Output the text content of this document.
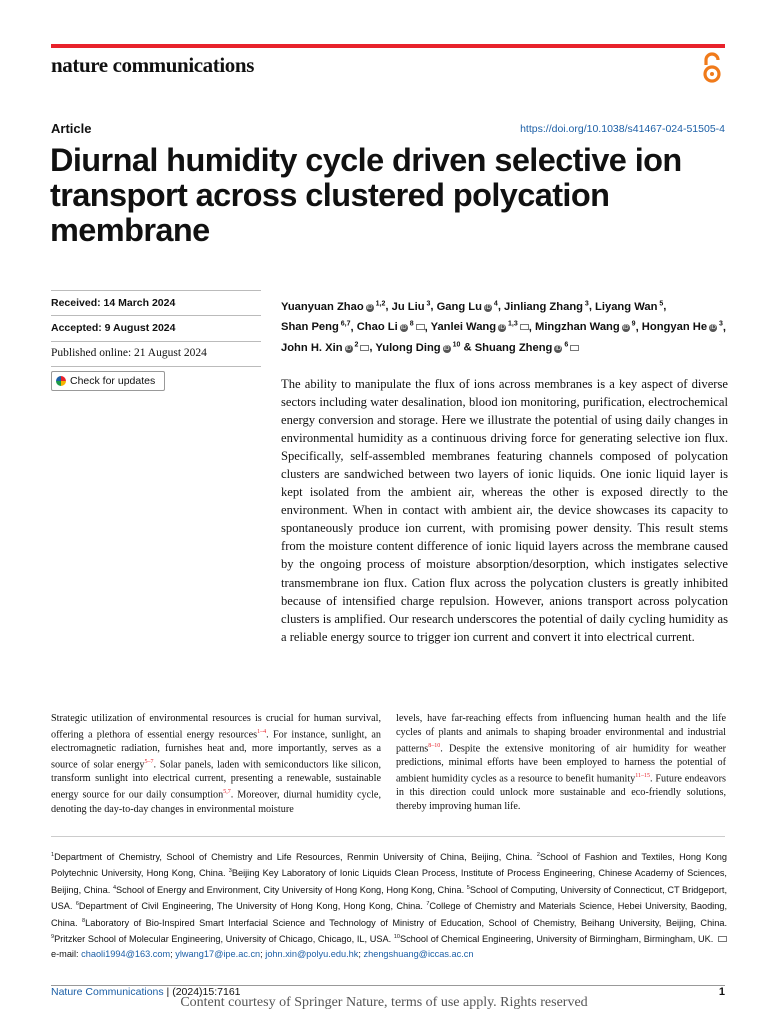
nature communications
Article	https://doi.org/10.1038/s41467-024-51505-4
Diurnal humidity cycle driven selective ion transport across clustered polycation membrane
Received: 14 March 2024
Accepted: 9 August 2024
Published online: 21 August 2024
Check for updates
Yuanyuan Zhao iD $^{1,2}$, Ju Liu $^3$, Gang Lu iD $^4$, Jinliang Zhang $^3$, Liyang Wan $^5$, Shan Peng $^{6,7}$, Chao Li iD $^8$ , Yanlei Wang iD $^{1,3}$ , Mingzhan Wang iD $^9$, Hongyan He iD $^3$, John H. Xin iD $^2$ , Yulong Ding iD $^{10}$ & Shuang Zheng iD $^6$

The ability to manipulate the flux of ions across membranes is a key aspect of diverse sectors including water desalination, blood ion monitoring, purification, electrochemical energy conversion and storage. Here we illustrate the potential of using daily changes in environmental humidity as a continuous driving force for generating selective ion flux. Specifically, self-assembled membranes featuring channels composed of polycation clusters are sandwiched between two layers of ionic liquids. One ionic liquid layer is kept isolated from the ambient air, whereas the other is exposed directly to the environment. When in contact with ambient air, the device showcases its capacity to spontaneously produce ion current, with promising power density. This result stems from the moisture content difference of ionic liquid layers across the membrane caused by the ongoing process of moisture absorption/desorption, which instigates selective transmembrane ion flux. Cation flux across the polycation clusters is greatly inhibited because of intensified charge repulsion. However, anions transport across polycation clusters is amplified. Our research underscores the potential of daily cycling humidity as a reliable energy source to trigger ion current and convert it into electrical current.

Strategic utilization of environmental resources is crucial for human survival, offering a plethora of essential energy resources$^{1-4}$. For instance, sunlight, an electromagnetic radiation, furnishes heat and, more importantly, serves as a source of solar energy$^{5-7}$. Solar panels, laden with semiconductors like silicon, transform sunlight into electrical current, presenting a renewable, sustainable energy source for our daily consumption$^{5,7}$. Moreover, diurnal humidity cycle, denoting the day-to-day changes in environmental moisture

levels, have far-reaching effects from influencing human health and the life cycles of plants and animals to shaping broader environmental and industrial patterns$^{8-10}$. Despite the extensive monitoring of air humidity for weather predictions, minimal efforts have been employed to harness the potential of ambient humidity cycles as a resource to benefit humanity$^{11-15}$. Future endeavors in this direction could unlock more sustainable and eco-friendly solutions, thereby improving human life.

$^1$Department of Chemistry, School of Chemistry and Life Resources, Renmin University of China, Beijing, China. $^2$School of Fashion and Textiles, Hong Kong Polytechnic University, Hong Kong, China. $^3$Beijing Key Laboratory of Ionic Liquids Clean Process, Institute of Process Engineering, Chinese Academy of Sciences, Beijing, China. $^4$School of Energy and Environment, City University of Hong Kong, Hong Kong, China. $^5$School of Computing, University of Connecticut, CT Bridgeport, USA. $^6$Department of Civil Engineering, The University of Hong Kong, Hong Kong, China. $^7$College of Chemistry and Materials Science, Hebei University, Baoding, China. $^8$Laboratory of Bio-Inspired Smart Interfacial Science and Technology of Ministry of Education, School of Chemistry, Beihang University, Beijing, China. $^9$Pritzker School of Molecular Engineering, University of Chicago, Chicago, IL, USA. $^{10}$School of Chemical Engineering, University of Birmingham, Birmingham, UK. e-mail: chaoli1994@163.com; ylwang17@ipe.ac.cn; john.xin@polyu.edu.hk; zhengshuang@iccas.ac.cn

Nature Communications | (2024)15:7161	1
Content courtesy of Springer Nature, terms of use apply. Rights reserved
